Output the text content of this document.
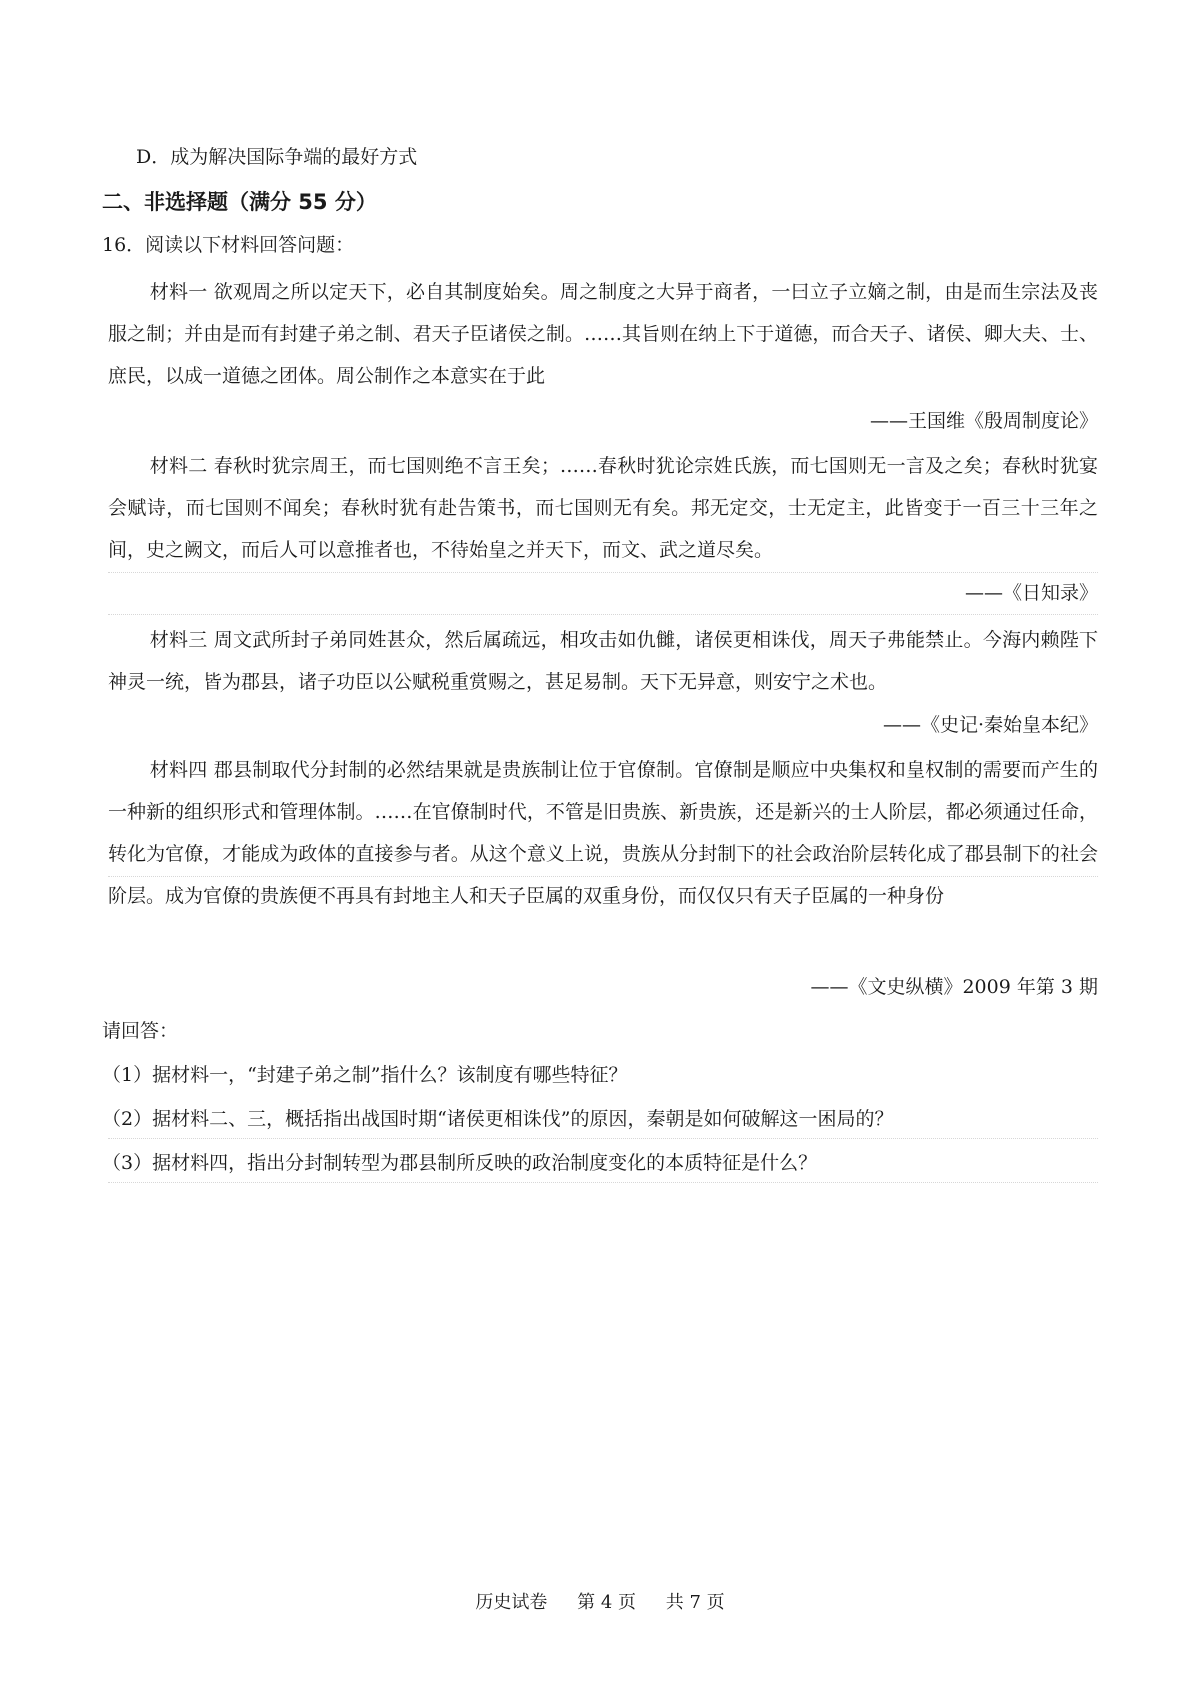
D．成为解决国际争端的最好方式
二、非选择题（满分 55 分）
16．阅读以下材料回答问题：
材料一 欲观周之所以定天下，必自其制度始矣。周之制度之大异于商者，一曰立子立嫡之制，由是而生宗法及丧服之制；并由是而有封建子弟之制、君天子臣诸侯之制。……其旨则在纳上下于道德，而合天子、诸侯、卿大夫、士、庶民，以成一道德之团体。周公制作之本意实在于此
——王国维《殷周制度论》
材料二 春秋时犹宗周王，而七国则绝不言王矣；……春秋时犹论宗姓氏族，而七国则无一言及之矣；春秋时犹宴会赋诗，而七国则不闻矣；春秋时犹有赴告策书，而七国则无有矣。邦无定交，士无定主，此皆变于一百三十三年之间，史之阙文，而后人可以意推者也，不待始皇之并天下，而文、武之道尽矣。
——《日知录》
材料三 周文武所封子弟同姓甚众，然后属疏远，相攻击如仇雠，诸侯更相诛伐，周天子弗能禁止。今海内赖陛下神灵一统，皆为郡县，诸子功臣以公赋税重赏赐之，甚足易制。天下无异意，则安宁之术也。
——《史记·秦始皇本纪》
材料四 郡县制取代分封制的必然结果就是贵族制让位于官僚制。官僚制是顺应中央集权和皇权制的需要而产生的一种新的组织形式和管理体制。……在官僚制时代，不管是旧贵族、新贵族，还是新兴的士人阶层，都必须通过任命，转化为官僚，才能成为政体的直接参与者。从这个意义上说，贵族从分封制下的社会政治阶层转化成了郡县制下的社会阶层。成为官僚的贵族便不再具有封地主人和天子臣属的双重身份，而仅仅只有天子臣属的一种身份
——《文史纵横》2009 年第 3 期
请回答：
（1）据材料一，“封建子弟之制”指什么？该制度有哪些特征？
（2）据材料二、三，概括指出战国时期“诸侯更相诛伐”的原因，秦朝是如何破解这一困局的？
（3）据材料四，指出分封制转型为郡县制所反映的政治制度变化的本质特征是什么？
历史试卷 第 4 页 共 7 页
